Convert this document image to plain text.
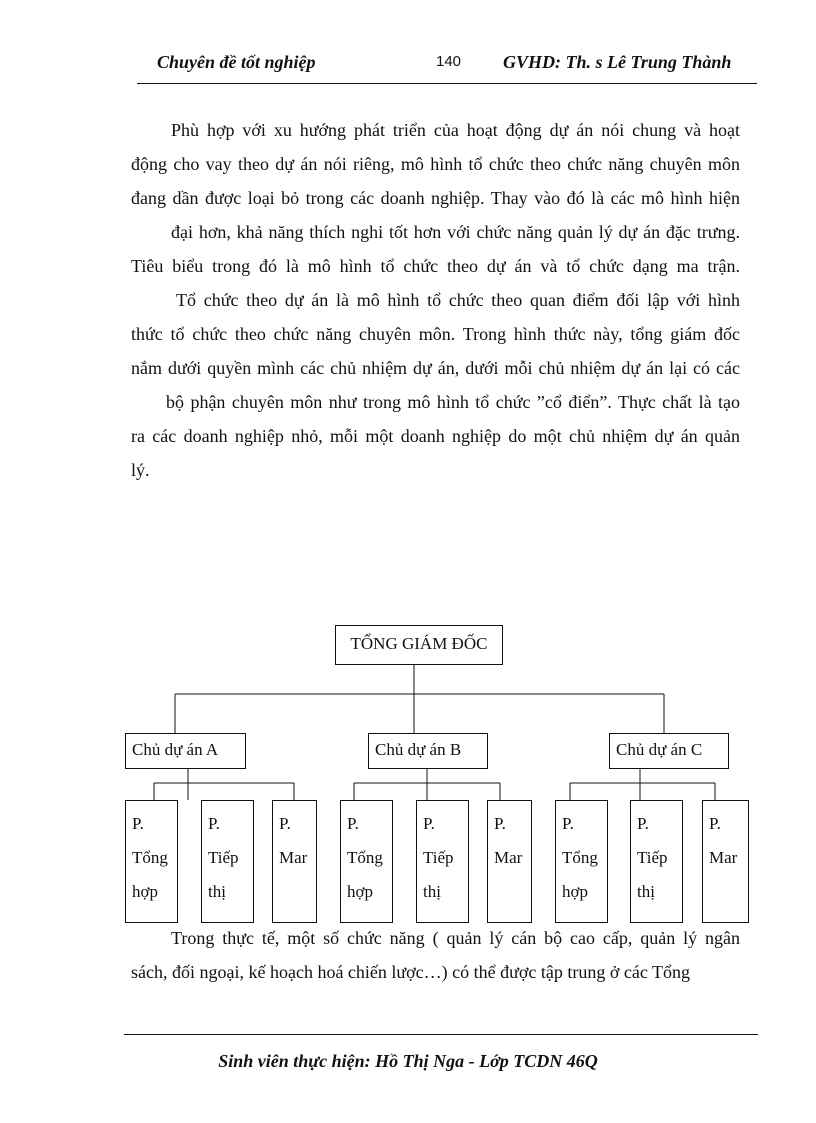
Chuyên đề tốt nghiệp	140 GVHD: Th. s Lê Trung Thành
Phù hợp với xu hướng phát triển của hoạt động dự án nói chung và hoạt
động cho vay theo dự án nói riêng, mô hình tổ chức theo chức năng chuyên môn
đang dần được loại bỏ trong các doanh nghiệp. Thay vào đó là các mô hình hiện
đại hơn, khả năng thích nghi tốt hơn với chức năng quản lý dự án đặc trưng.
Tiêu biểu trong đó là mô hình tổ chức theo dự án và tổ chức dạng ma trận.
Tổ chức theo dự án là mô hình tổ chức theo quan điểm đối lập với hình
thức tổ chức theo chức năng chuyên môn. Trong hình thức này, tổng giám đốc
nắm dưới quyền mình các chủ nhiệm dự án, dưới mỗi chủ nhiệm dự án lại có các
bộ phận chuyên môn như trong mô hình tổ chức ”cổ điển”. Thực chất là tạo
ra các doanh nghiệp nhỏ, mỗi một doanh nghiệp do một chủ nhiệm dự án quản
lý.
TỔNG GIÁM ĐỐC
Chủ dự án A	Chủ dự án B	Chủ dự án C
P.
Tổng
hợp
P.
Tiếp
thị
P.
Mar
P.
Tổng
hợp
P.
Tiếp
thị
P.
Mar
P.
Tổng
hợp
P.
Tiếp
thị
P.
Mar
Trong thực tế, một số chức năng ( quản lý cán bộ cao cấp, quản lý ngân
sách, đối ngoại, kế hoạch hoá chiến lược…) có thể được tập trung ở các Tổng
Sinh viên thực hiện: Hồ Thị Nga - Lớp TCDN 46Q
